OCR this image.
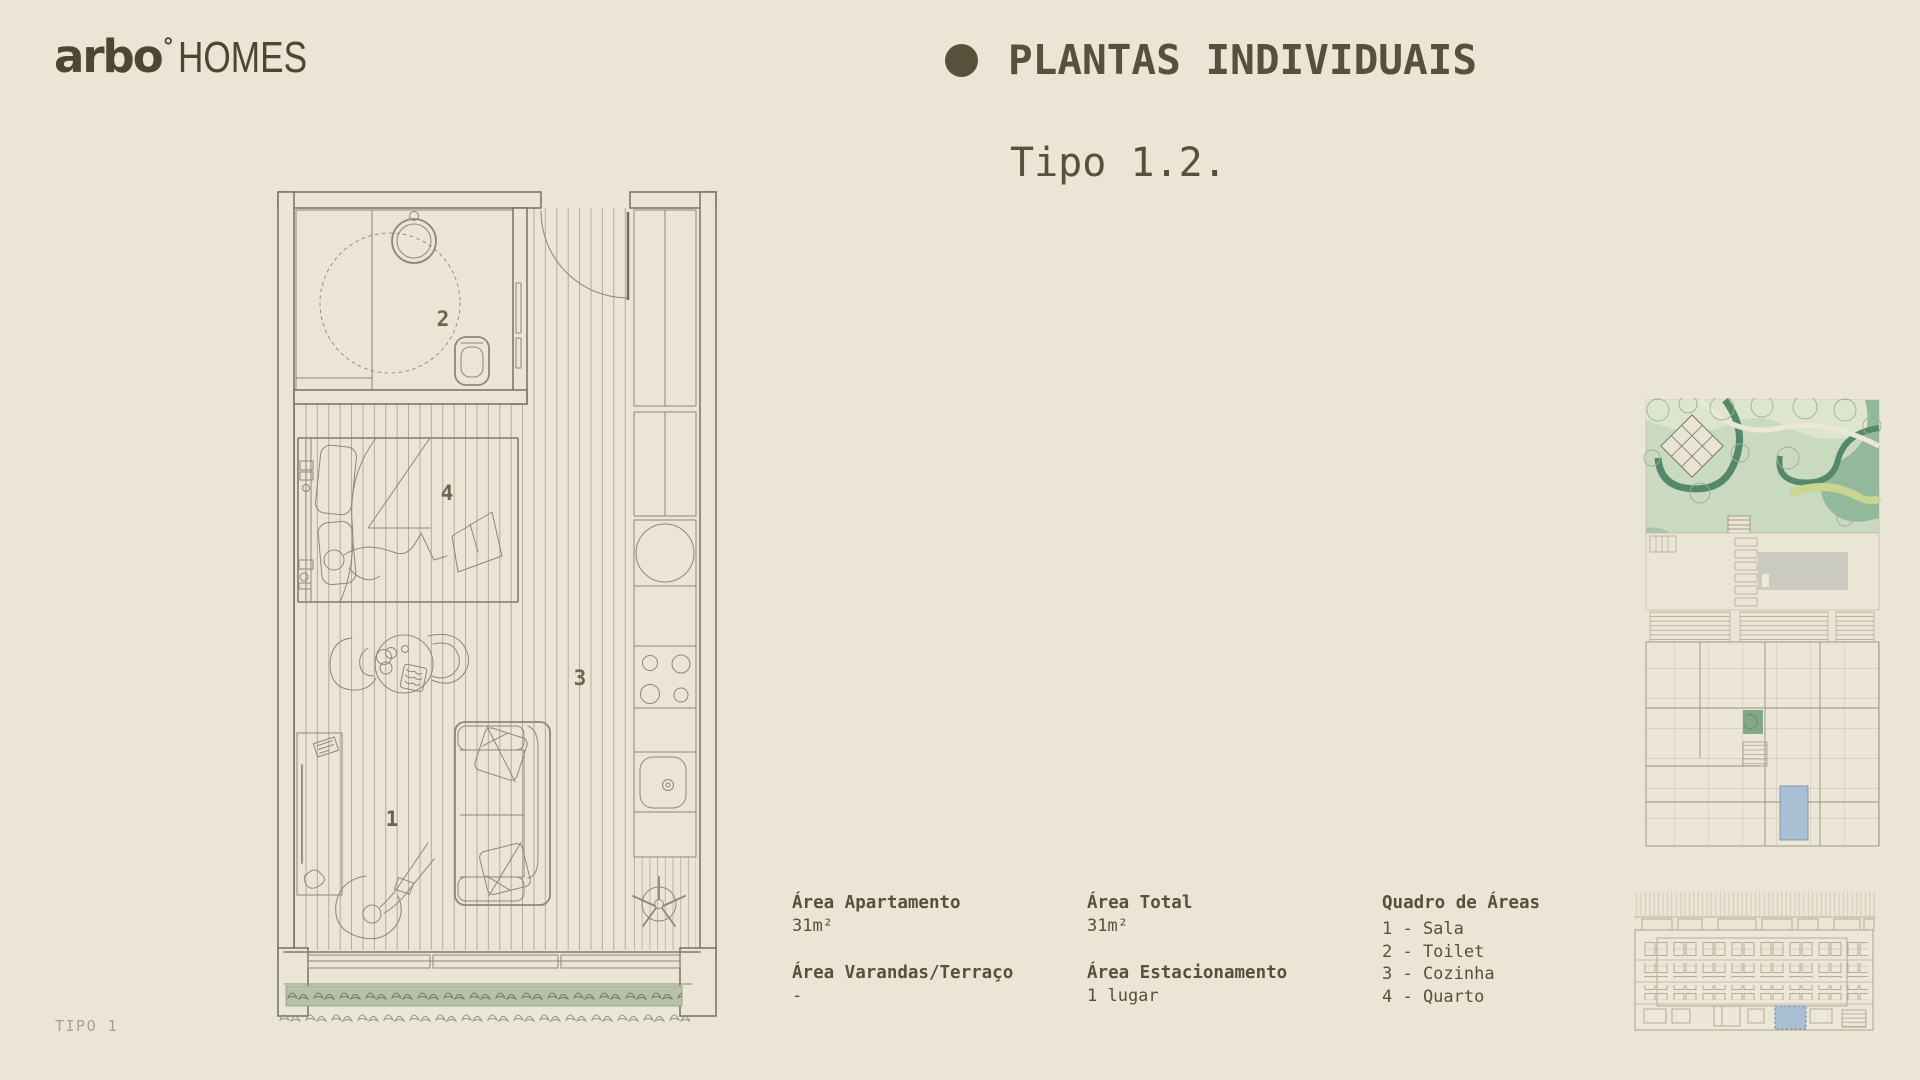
arbo°HOMES	PLANTAS INDIVIDUAIS
Tipo 1.2.
2
4
3
1
Área Apartamento
31m²
Área Varandas/Terraço
-
Área Total
31m²
Área Estacionamento
1 lugar
Quadro de Áreas
1 - Sala
2 - Toilet
3 - Cozinha
4 - Quarto
TIPO 1
